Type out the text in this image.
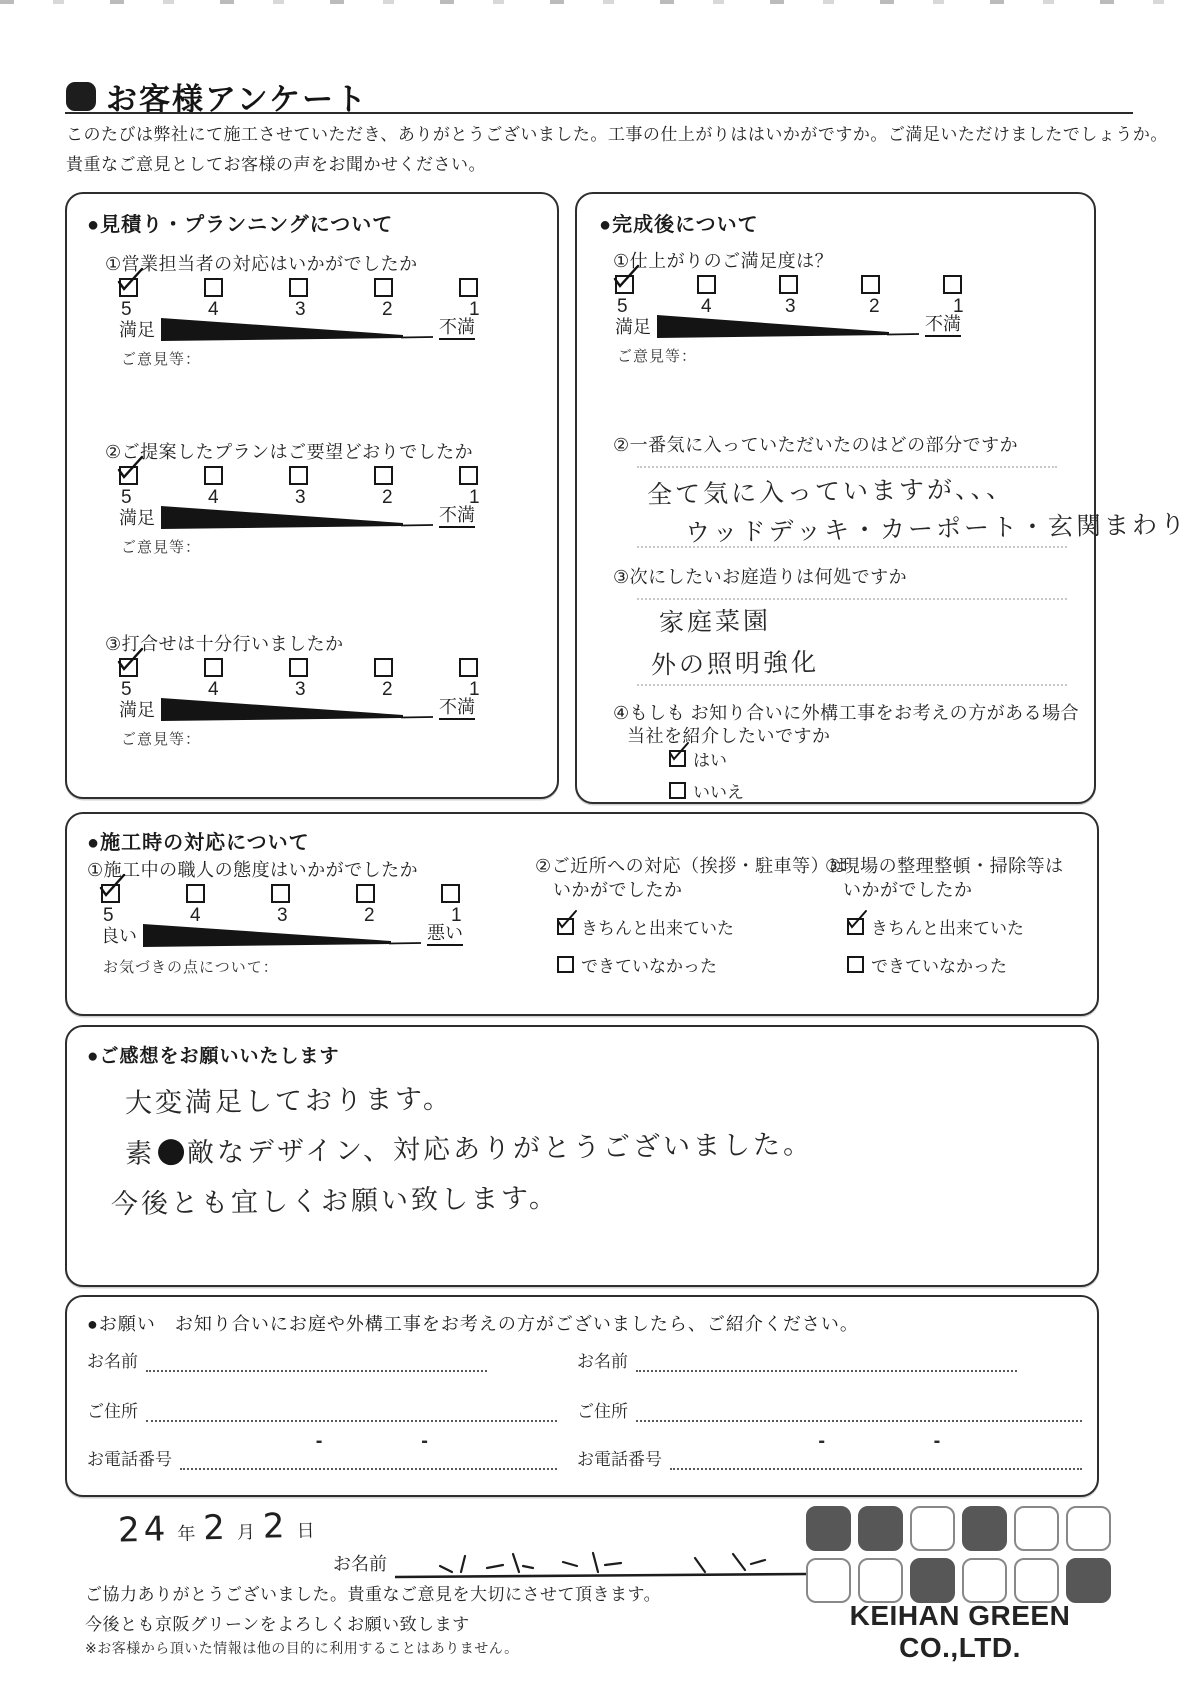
お客様アンケート
このたびは弊社にて施工させていただき、ありがとうございました。工事の仕上がりははいかがですか。ご満足いただけましたでしょうか。
貴重なご意見としてお客様の声をお聞かせください。
●見積り・プランニングについて
①営業担当者の対応はいかがでしたか
5	4	3	2	1
満足	不満
ご意見等：
②ご提案したプランはご要望どおりでしたか
5	4	3	2	1
満足	不満
ご意見等：
③打合せは十分行いましたか
5	4	3	2	1
満足	不満
ご意見等：
●完成後について
①仕上がりのご満足度は？
5	4	3	2	1
満足	不満
ご意見等：
②一番気に入っていただいたのはどの部分ですか
全て気に入っていますが、、、
ウッドデッキ・カーポート・玄関まわり
③次にしたいお庭造りは何処ですか
家庭菜園
外の照明強化
④もしも お知り合いに外構工事をお考えの方がある場合
当社を紹介したいですか
はい
いいえ
●施工時の対応について
①施工中の職人の態度はいかがでしたか
5	4	3	2	1
良い	悪い
お気づきの点について：
②ご近所への対応（挨拶・駐車等）は
いかがでしたか
きちんと出来ていた
できていなかった
③現場の整理整頓・掃除等は
いかがでしたか
きちんと出来ていた
できていなかった
●ご感想をお願いいたします
大変満足しております。
素 敵なデザイン、対応ありがとうございました。
今後とも宜しくお願い致します。
●お願い　お知り合いにお庭や外構工事をお考えの方がございましたら、ご紹介ください。
お名前
ご住所
お電話番号
-	-
お名前
ご住所
お電話番号
-	-
24 年 2 月 2 日
お名前
KEIHAN GREEN CO.,LTD.
ご協力ありがとうございました。貴重なご意見を大切にさせて頂きます。
今後とも京阪グリーンをよろしくお願い致します
※お客様から頂いた情報は他の目的に利用することはありません。
